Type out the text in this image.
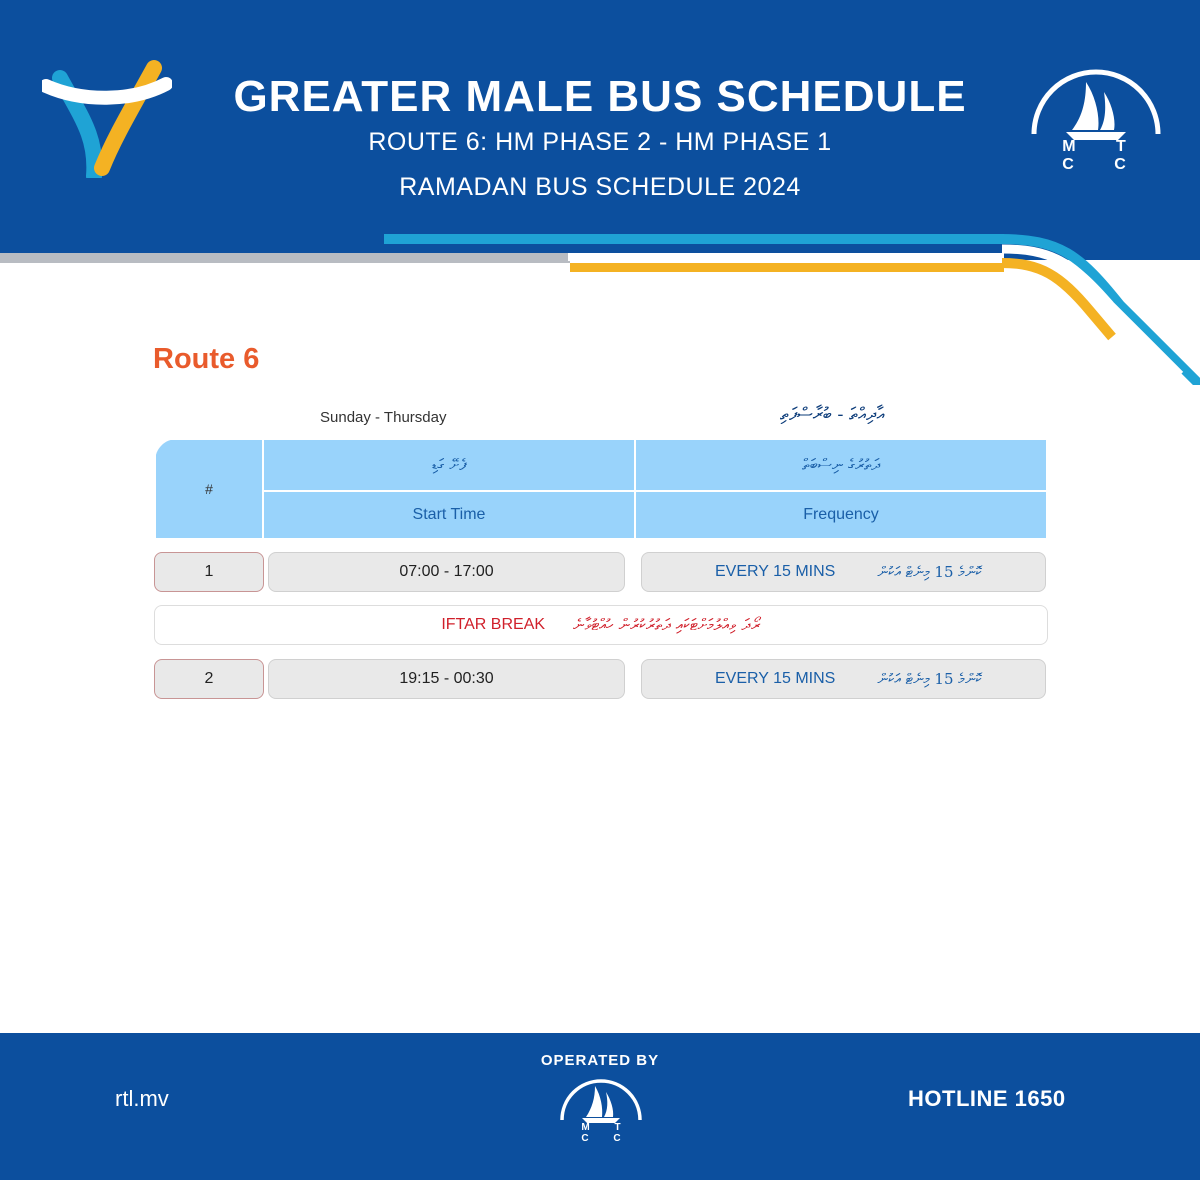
GREATER MALE BUS SCHEDULE
ROUTE 6: HM PHASE 2 - HM PHASE 1
RAMADAN BUS SCHEDULE 2024
M T C C
Route 6
Sunday - Thursday	އާދިއްތަ - ބުރާސްފަތި
#	ފެށޭ ގަޑި	ދަތުރުގެ ނިސްބަތް
	Start Time	Frequency
1	07:00 - 17:00	EVERY 15 MINS	ކޮންމެ 15 މިނެޓް އަކުން
IFTAR BREAK ރޯދަ ވިއްލުމަށްޓަކައި ދަތުރުކުރުން ހުއްޓުވާނެ
2	19:15 - 00:30	EVERY 15 MINS	ކޮންމެ 15 މިނެޓް އަކުން
OPERATED BY
rtl.mv
M T C C
HOTLINE 1650
